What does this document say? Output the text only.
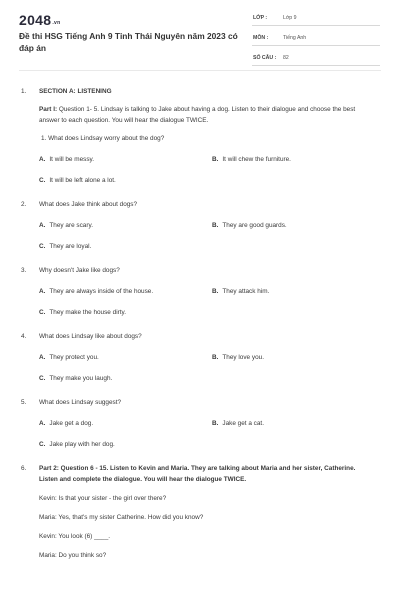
2048.vn
Đề thi HSG Tiếng Anh 9 Tỉnh Thái Nguyên năm 2023 có đáp án
LỚP :	Lớp 9
MÔN :	Tiếng Anh
SỐ CÂU : 82
1. SECTION A: LISTENING
Part I: Question 1- 5. Lindsay is talking to Jake about having a dog. Listen to their dialogue and choose the best answer to each question. You will hear the dialogue TWICE.
1. What does Lindsay worry about the dog?
A. It will be messy.	B. It will chew the furniture.
C. It will be left alone a lot.
2. What does Jake think about dogs?
A. They are scary.	B. They are good guards.
C. They are loyal.
3. Why doesn't Jake like dogs?
A. They are always inside of the house.	B. They attack him.
C. They make the house dirty.
4. What does Lindsay like about dogs?
A. They protect you.	B. They love you.
C. They make you laugh.
5. What does Lindsay suggest?
A. Jake get a dog.	B. Jake get a cat.
C. Jake play with her dog.
6. Part 2: Question 6 - 15. Listen to Kevin and Maria. They are talking about Maria and her sister, Catherine. Listen and complete the dialogue. You will hear the dialogue TWICE.
Kevin: Is that your sister - the girl over there?
Maria: Yes, that's my sister Catherine. How did you know?
Kevin: You look (6) ____.
Maria: Do you think so?
